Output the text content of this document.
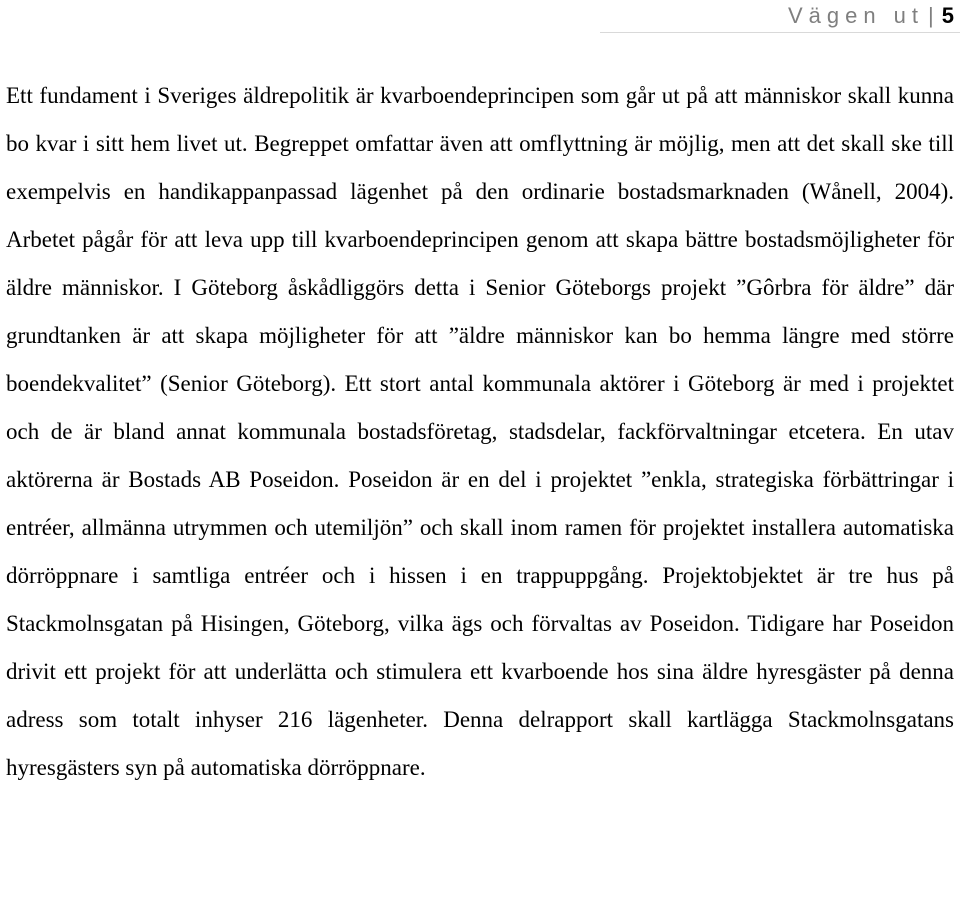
Vägen ut | 5
Ett fundament i Sveriges äldrepolitik är kvarboendeprincipen som går ut på att människor skall kunna bo kvar i sitt hem livet ut. Begreppet omfattar även att omflyttning är möjlig, men att det skall ske till exempelvis en handikappanpassad lägenhet på den ordinarie bostadsmarknaden (Wånell, 2004). Arbetet pågår för att leva upp till kvarboendeprincipen genom att skapa bättre bostadsmöjligheter för äldre människor. I Göteborg åskådliggörs detta i Senior Göteborgs projekt ”Gôrbra för äldre” där grundtanken är att skapa möjligheter för att ”äldre människor kan bo hemma längre med större boendekvalitet” (Senior Göteborg). Ett stort antal kommunala aktörer i Göteborg är med i projektet och de är bland annat kommunala bostadsföretag, stadsdelar, fackförvaltningar etcetera. En utav aktörerna är Bostads AB Poseidon. Poseidon är en del i projektet ”enkla, strategiska förbättringar i entréer, allmänna utrymmen och utemiljön” och skall inom ramen för projektet installera automatiska dörröppnare i samtliga entréer och i hissen i en trappuppgång. Projektobjektet är tre hus på Stackmolnsgatan på Hisingen, Göteborg, vilka ägs och förvaltas av Poseidon. Tidigare har Poseidon drivit ett projekt för att underlätta och stimulera ett kvarboende hos sina äldre hyresgäster på denna adress som totalt inhyser 216 lägenheter. Denna delrapport skall kartlägga Stackmolnsgatans hyresgästers syn på automatiska dörröppnare.
